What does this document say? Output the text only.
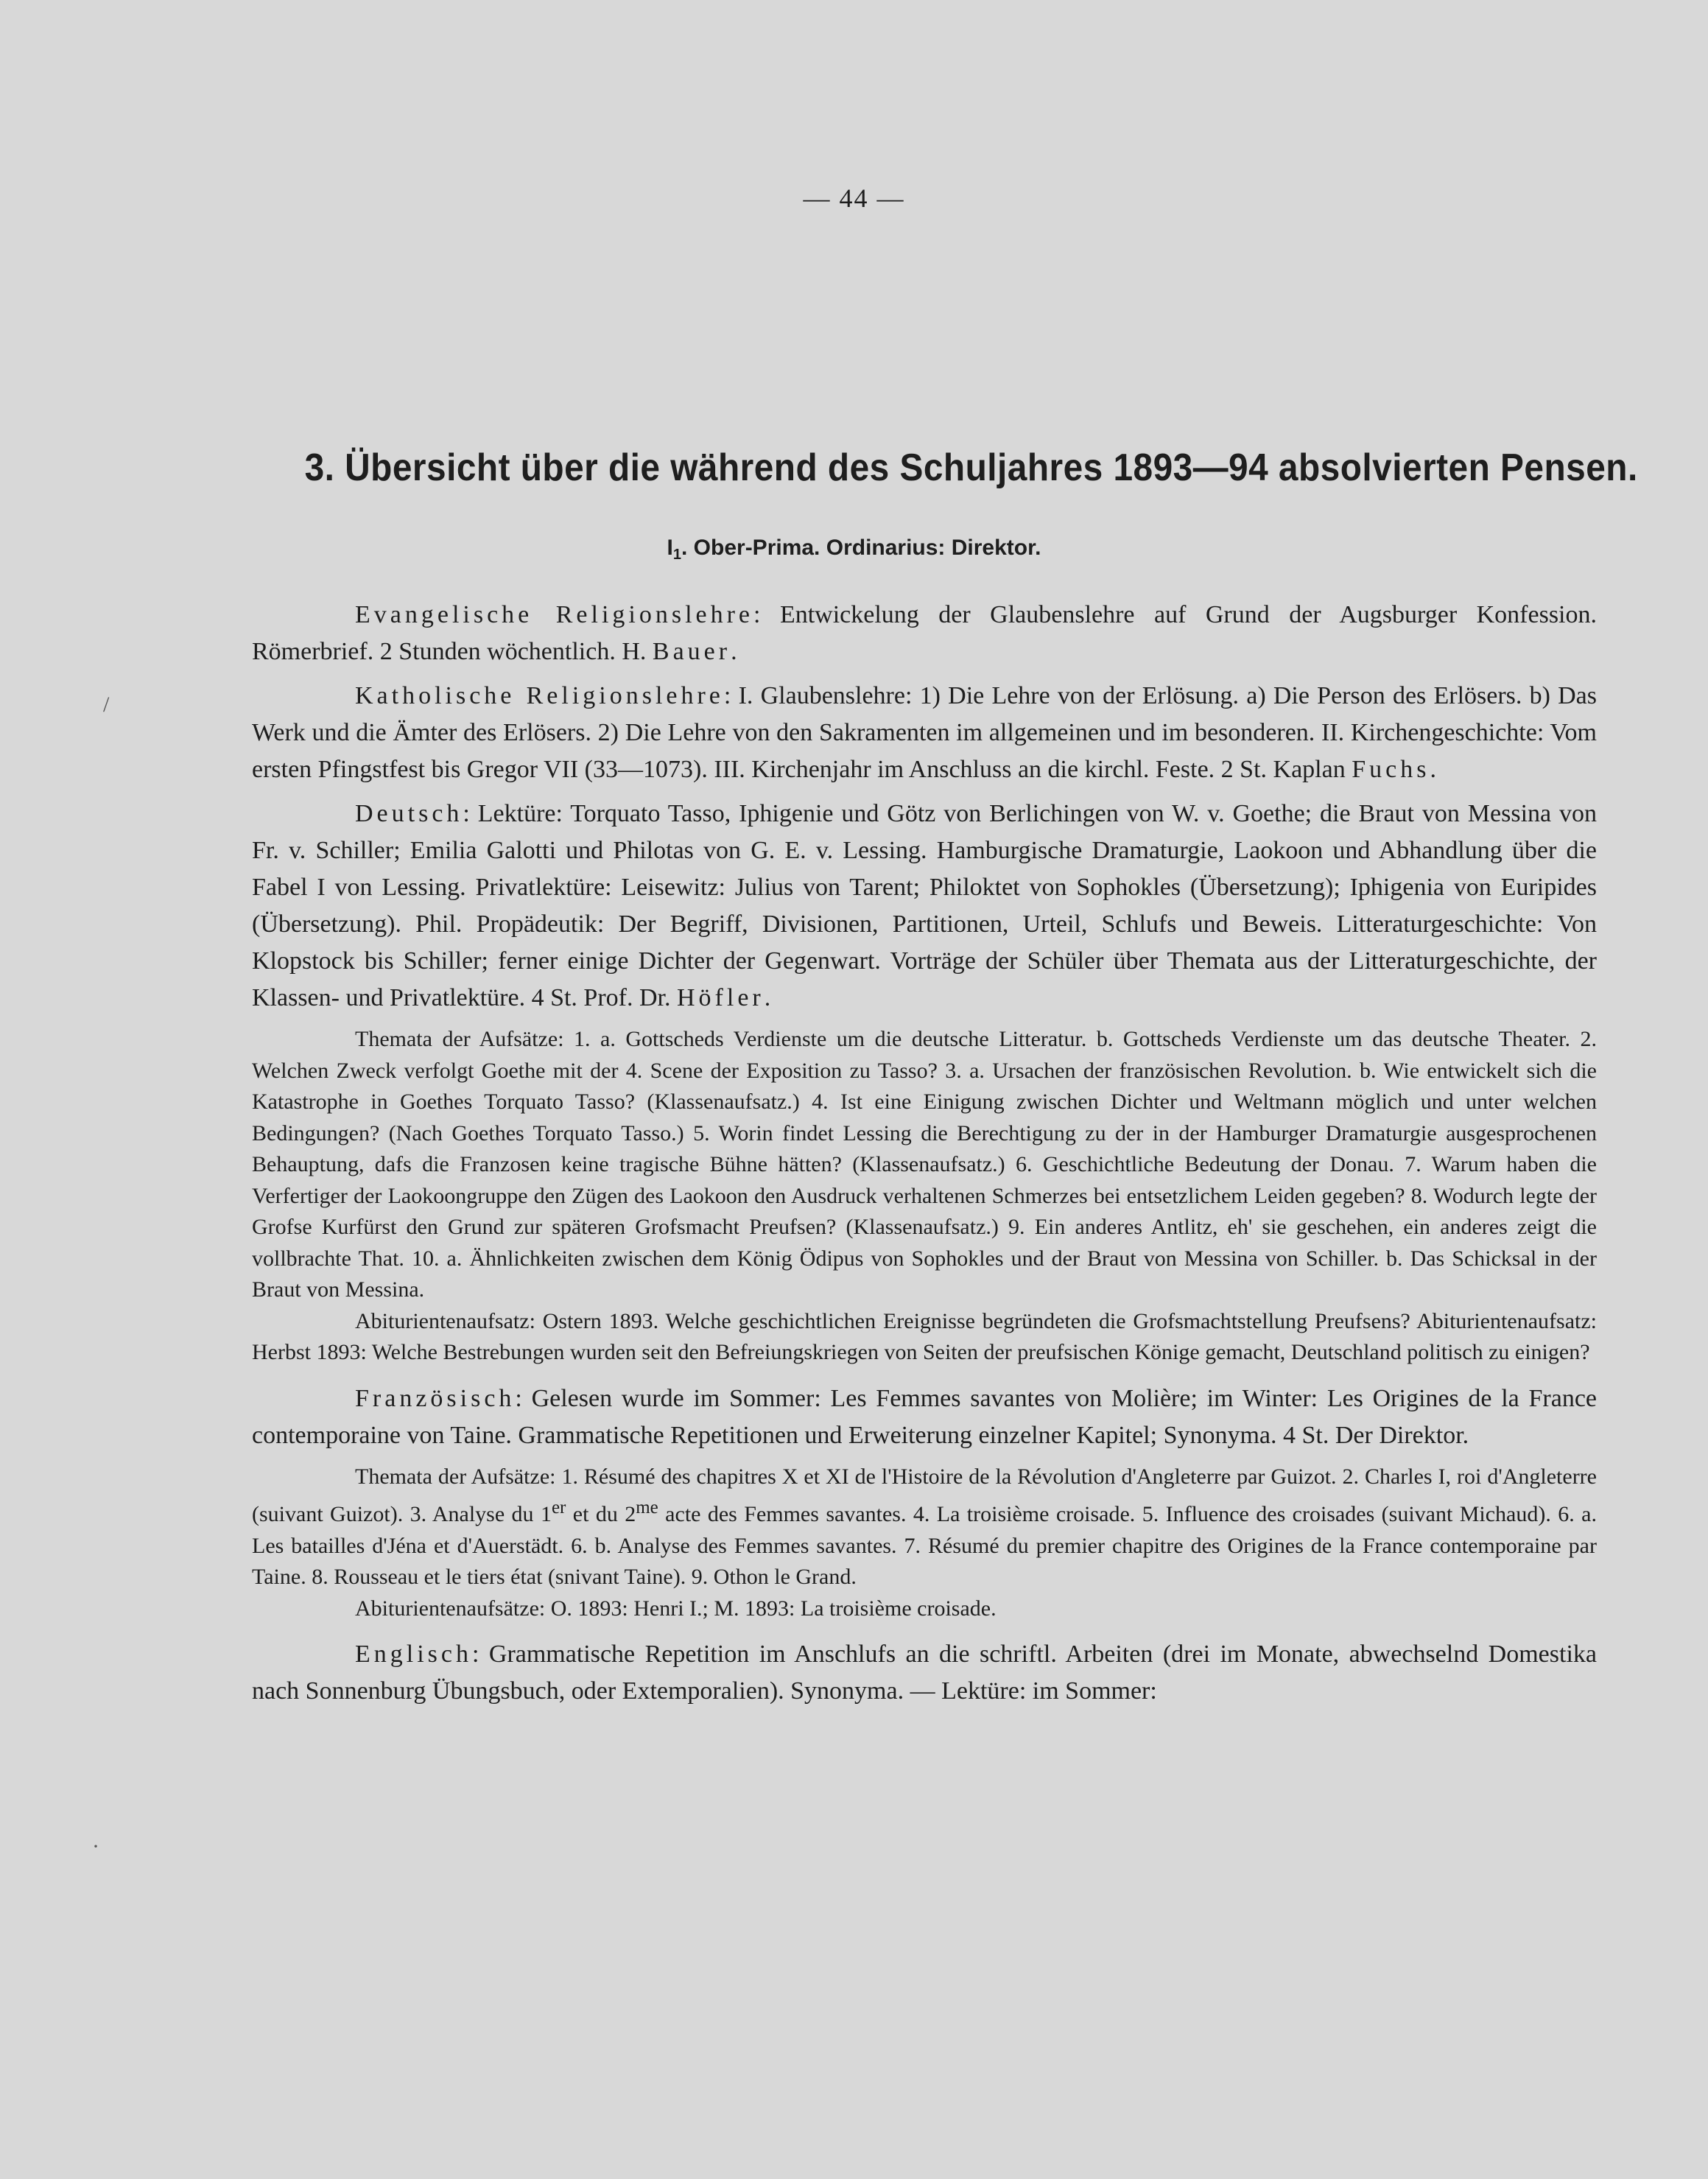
— 44 —
3. Übersicht über die während des Schuljahres 1893—94 absolvierten Pensen.
$I_1$. Ober-Prima. Ordinarius: Direktor.

Evangelische Religionslehre: Entwickelung der Glaubenslehre auf Grund der Augsburger Konfession. Römerbrief. 2 Stunden wöchentlich. H. Bauer.

Katholische Religionslehre: I. Glaubenslehre: 1) Die Lehre von der Erlösung. a) Die Person des Erlösers. b) Das Werk und die Ämter des Erlösers. 2) Die Lehre von den Sakramenten im allgemeinen und im besonderen. II. Kirchengeschichte: Vom ersten Pfingstfest bis Gregor VII (33—1073). III. Kirchenjahr im Anschluss an die kirchl. Feste. 2 St. Kaplan Fuchs.

Deutsch: Lektüre: Torquato Tasso, Iphigenie und Götz von Berlichingen von W. v. Goethe; die Braut von Messina von Fr. v. Schiller; Emilia Galotti und Philotas von G. E. v. Lessing. Hamburgische Dramaturgie, Laokoon und Abhandlung über die Fabel I von Lessing. Privatlektüre: Leisewitz: Julius von Tarent; Philoktet von Sophokles (Übersetzung); Iphigenia von Euripides (Übersetzung). Phil. Propädeutik: Der Begriff, Divisionen, Partitionen, Urteil, Schlufs und Beweis. Litteraturgeschichte: Von Klopstock bis Schiller; ferner einige Dichter der Gegenwart. Vorträge der Schüler über Themata aus der Litteraturgeschichte, der Klassen- und Privatlektüre. 4 St. Prof. Dr. Höfler.

Themata der Aufsätze: 1. a. Gottscheds Verdienste um die deutsche Litteratur. b. Gottscheds Verdienste um das deutsche Theater. 2. Welchen Zweck verfolgt Goethe mit der 4. Scene der Exposition zu Tasso? 3. a. Ursachen der französischen Revolution. b. Wie entwickelt sich die Katastrophe in Goethes Torquato Tasso? (Klassenaufsatz.) 4. Ist eine Einigung zwischen Dichter und Weltmann möglich und unter welchen Bedingungen? (Nach Goethes Torquato Tasso.) 5. Worin findet Lessing die Berechtigung zu der in der Hamburger Dramaturgie ausgesprochenen Behauptung, dafs die Franzosen keine tragische Bühne hätten? (Klassenaufsatz.) 6. Geschichtliche Bedeutung der Donau. 7. Warum haben die Verfertiger der Laokoongruppe den Zügen des Laokoon den Ausdruck verhaltenen Schmerzes bei entsetzlichem Leiden gegeben? 8. Wodurch legte der Grofse Kurfürst den Grund zur späteren Grofsmacht Preufsen? (Klassenaufsatz.) 9. Ein anderes Antlitz, eh' sie geschehen, ein anderes zeigt die vollbrachte That. 10. a. Ähnlichkeiten zwischen dem König Ödipus von Sophokles und der Braut von Messina von Schiller. b. Das Schicksal in der Braut von Messina.

Abiturientenaufsatz: Ostern 1893. Welche geschichtlichen Ereignisse begründeten die Grofsmachtstellung Preufsens? Abiturientenaufsatz: Herbst 1893: Welche Bestrebungen wurden seit den Befreiungskriegen von Seiten der preufsischen Könige gemacht, Deutschland politisch zu einigen?

Französisch: Gelesen wurde im Sommer: Les Femmes savantes von Molière; im Winter: Les Origines de la France contemporaine von Taine. Grammatische Repetitionen und Erweiterung einzelner Kapitel; Synonyma. 4 St. Der Direktor.

Themata der Aufsätze: 1. Résumé des chapitres X et XI de l'Histoire de la Révolution d'Angleterre par Guizot. 2. Charles I, roi d'Angleterre (suivant Guizot). 3. Analyse du 1er et du $2^{me}$ acte des Femmes savantes. 4. La troisième croisade. 5. Influence des croisades (suivant Michaud). 6. a. Les batailles d'Jéna et d'Auerstädt. 6. b. Analyse des Femmes savantes. 7. Résumé du premier chapitre des Origines de la France contemporaine par Taine. 8. Rousseau et le tiers état (snivant Taine). 9. Othon le Grand.

Abiturientenaufsätze: O. 1893: Henri I.; M. 1893: La troisième croisade.

Englisch: Grammatische Repetition im Anschlufs an die schriftl. Arbeiten (drei im Monate, abwechselnd Domestika nach Sonnenburg Übungsbuch, oder Extemporalien). Synonyma. — Lektüre: im Sommer:

/
·
